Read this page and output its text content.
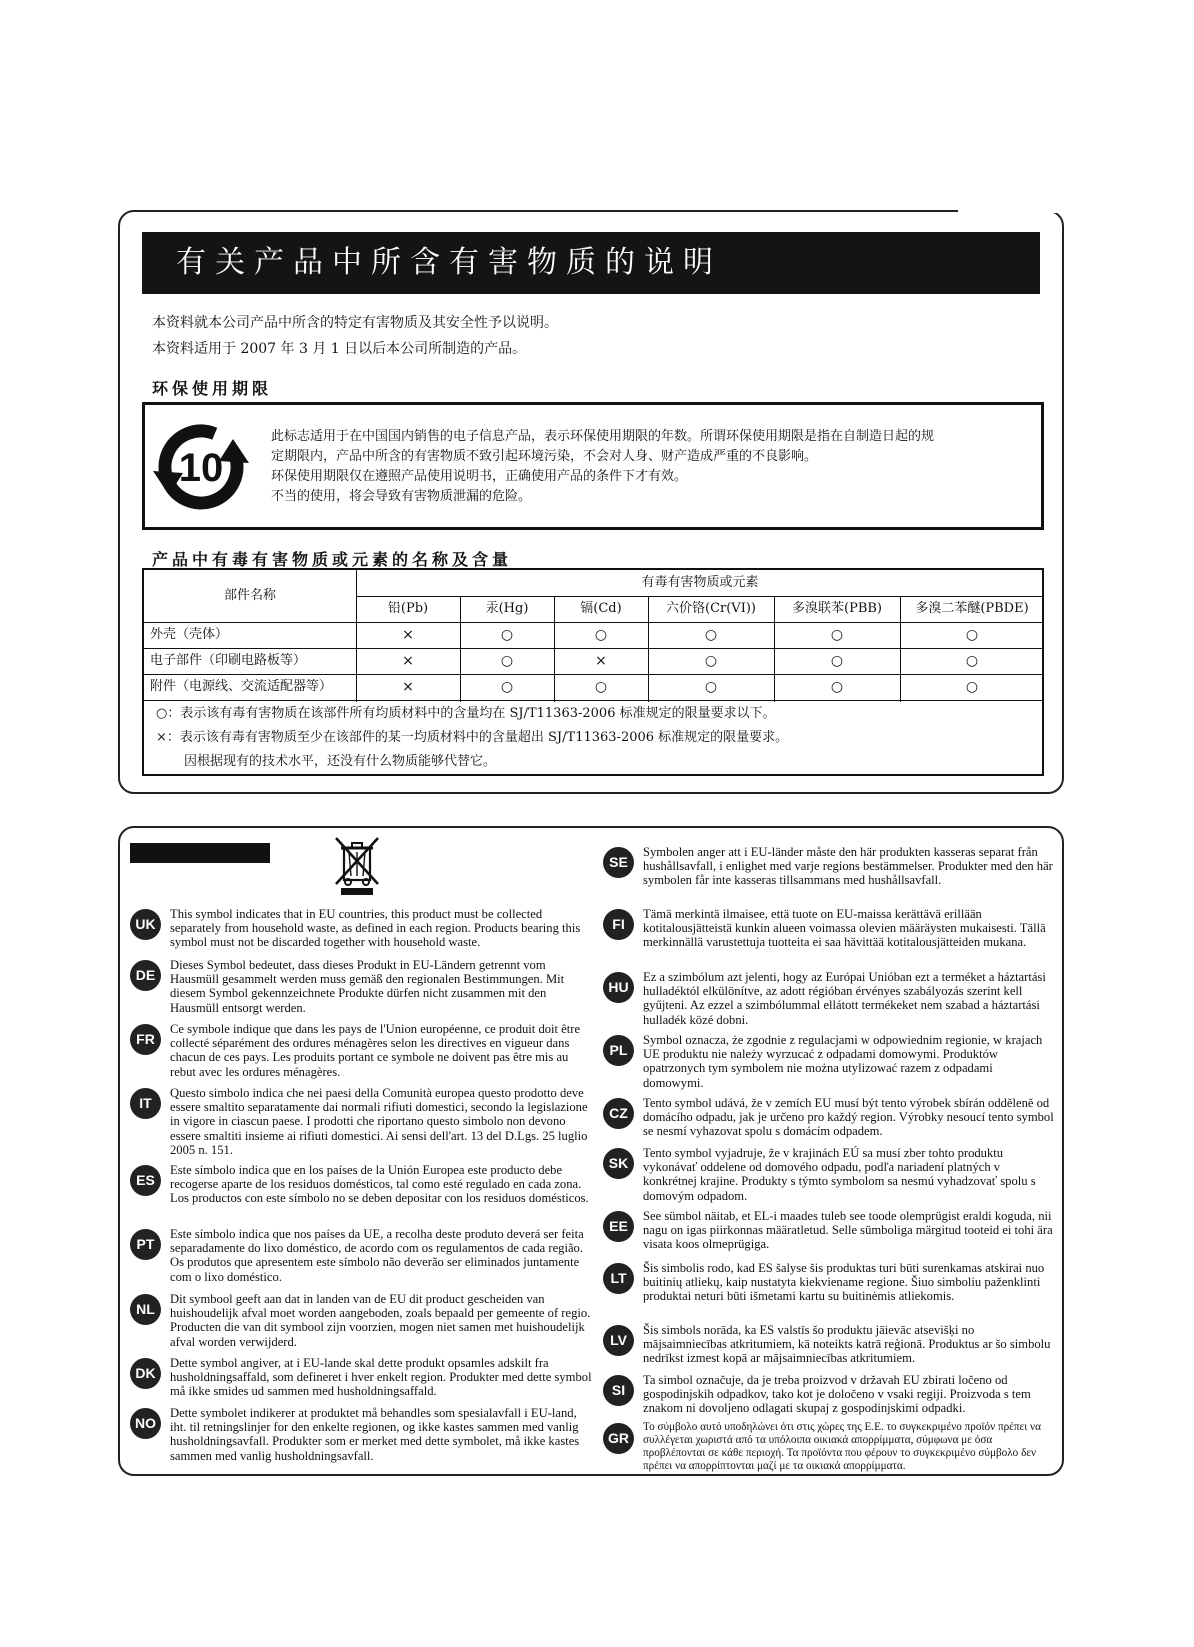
有关产品中所含有害物质的说明
本资料就本公司产品中所含的特定有害物质及其安全性予以说明。
本资料适用于 2007 年 3 月 1 日以后本公司所制造的产品。
环保使用期限
10
此标志适用于在中国国内销售的电子信息产品，表示环保使用期限的年数。所谓环保使用期限是指在自制造日起的规
定期限内，产品中所含的有害物质不致引起环境污染，不会对人身、财产造成严重的不良影响。
环保使用期限仅在遵照产品使用说明书，正确使用产品的条件下才有效。
不当的使用，将会导致有害物质泄漏的危险。
产品中有毒有害物质或元素的名称及含量
部件名称
有毒有害物质或元素
铅(Pb)	汞(Hg)	镉(Cd)	六价铬(Cr(VI))	多溴联苯(PBB)	多溴二苯醚(PBDE)
外壳（壳体）	×	○	○	○	○	○
电子部件（印刷电路板等）	×	○	×	○	○	○
附件（电源线、交流适配器等）	×	○	○	○	○	○
○：表示该有毒有害物质在该部件所有均质材料中的含量均在 SJ/T11363-2006 标准规定的限量要求以下。
×：表示该有毒有害物质至少在该部件的某一均质材料中的含量超出 SJ/T11363-2006 标准规定的限量要求。
因根据现有的技术水平，还没有什么物质能够代替它。
UK
This symbol indicates that in EU countries, this product must be collected separately from household waste, as defined in each region. Products bearing this symbol must not be discarded together with household waste.
DE
Dieses Symbol bedeutet, dass dieses Produkt in EU-Ländern getrennt vom Hausmüll gesammelt werden muss gemäß den regionalen Bestimmungen. Mit diesem Symbol gekennzeichnete Produkte dürfen nicht zusammen mit den Hausmüll entsorgt werden.
FR
Ce symbole indique que dans les pays de l'Union européenne, ce produit doit être collecté séparément des ordures ménagères selon les directives en vigueur dans chacun de ces pays. Les produits portant ce symbole ne doivent pas être mis au rebut avec les ordures ménagères.
IT
Questo simbolo indica che nei paesi della Comunità europea questo prodotto deve essere smaltito separatamente dai normali rifiuti domestici, secondo la legislazione in vigore in ciascun paese. I prodotti che riportano questo simbolo non devono essere smaltiti insieme ai rifiuti domestici. Ai sensi dell'art. 13 del D.Lgs. 25 luglio 2005 n. 151.
ES
Este símbolo indica que en los países de la Unión Europea este producto debe recogerse aparte de los residuos domésticos, tal como esté regulado en cada zona. Los productos con este símbolo no se deben depositar con los residuos domésticos.
PT
Este símbolo indica que nos países da UE, a recolha deste produto deverá ser feita separadamente do lixo doméstico, de acordo com os regulamentos de cada região. Os produtos que apresentem este símbolo não deverão ser eliminados juntamente com o lixo doméstico.
NL
Dit symbool geeft aan dat in landen van de EU dit product gescheiden van huishoudelijk afval moet worden aangeboden, zoals bepaald per gemeente of regio. Producten die van dit symbool zijn voorzien, mogen niet samen met huishoudelijk afval worden verwijderd.
DK
Dette symbol angiver, at i EU-lande skal dette produkt opsamles adskilt fra husholdningsaffald, som defineret i hver enkelt region. Produkter med dette symbol må ikke smides ud sammen med husholdningsaffald.
NO
Dette symbolet indikerer at produktet må behandles som spesialavfall i EU-land, iht. til retningslinjer for den enkelte regionen, og ikke kastes sammen med vanlig husholdningsavfall. Produkter som er merket med dette symbolet, må ikke kastes sammen med vanlig husholdningsavfall.
SE
Symbolen anger att i EU-länder måste den här produkten kasseras separat från hushållsavfall, i enlighet med varje regions bestämmelser. Produkter med den här symbolen får inte kasseras tillsammans med hushållsavfall.
FI
Tämä merkintä ilmaisee, että tuote on EU-maissa kerättävä erillään kotitalousjätteistä kunkin alueen voimassa olevien määräysten mukaisesti. Tällä merkinnällä varustettuja tuotteita ei saa hävittää kotitalousjätteiden mukana.
HU
Ez a szimbólum azt jelenti, hogy az Európai Unióban ezt a terméket a háztartási hulladéktól elkülönítve, az adott régióban érvényes szabályozás szerint kell gyűjteni. Az ezzel a szimbólummal ellátott termékeket nem szabad a háztartási hulladék közé dobni.
PL
Symbol oznacza, że zgodnie z regulacjami w odpowiednim regionie, w krajach UE produktu nie należy wyrzucać z odpadami domowymi. Produktów opatrzonych tym symbolem nie można utylizować razem z odpadami domowymi.
CZ
Tento symbol udává, že v zemích EU musí být tento výrobek sbírán odděleně od domácího odpadu, jak je určeno pro každý region. Výrobky nesoucí tento symbol se nesmí vyhazovat spolu s domácím odpadem.
SK
Tento symbol vyjadruje, že v krajinách EÚ sa musí zber tohto produktu vykonávať oddelene od domového odpadu, podľa nariadení platných v konkrétnej krajine. Produkty s týmto symbolom sa nesmú vyhadzovať spolu s domovým odpadom.
EE
See sümbol näitab, et EL-i maades tuleb see toode olemprügist eraldi koguda, nii nagu on igas piirkonnas määratletud. Selle sümboliga märgitud tooteid ei tohi ära visata koos olmeprügiga.
LT
Šis simbolis rodo, kad ES šalyse šis produktas turi būti surenkamas atskirai nuo buitinių atliekų, kaip nustatyta kiekviename regione. Šiuo simboliu paženklinti produktai neturi būti išmetami kartu su buitinėmis atliekomis.
LV
Šis simbols norāda, ka ES valstīs šo produktu jāievāc atsevišķi no mājsaimniecības atkritumiem, kā noteikts katrā reģionā. Produktus ar šo simbolu nedrīkst izmest kopā ar mājsaimniecības atkritumiem.
SI
Ta simbol označuje, da je treba proizvod v državah EU zbirati ločeno od gospodinjskih odpadkov, tako kot je določeno v vsaki regiji. Proizvoda s tem znakom ni dovoljeno odlagati skupaj z gospodinjskimi odpadki.
GR
Το σύμβολο αυτό υποδηλώνει ότι στις χώρες της Ε.Ε. το συγκεκριμένο προϊόν πρέπει να συλλέγεται χωριστά από τα υπόλοιπα οικιακά απορρίμματα, σύμφωνα με όσα προβλέπονται σε κάθε περιοχή. Τα προϊόντα που φέρουν το συγκεκριμένο σύμβολο δεν πρέπει να απορρίπτονται μαζί με τα οικιακά απορρίμματα.
